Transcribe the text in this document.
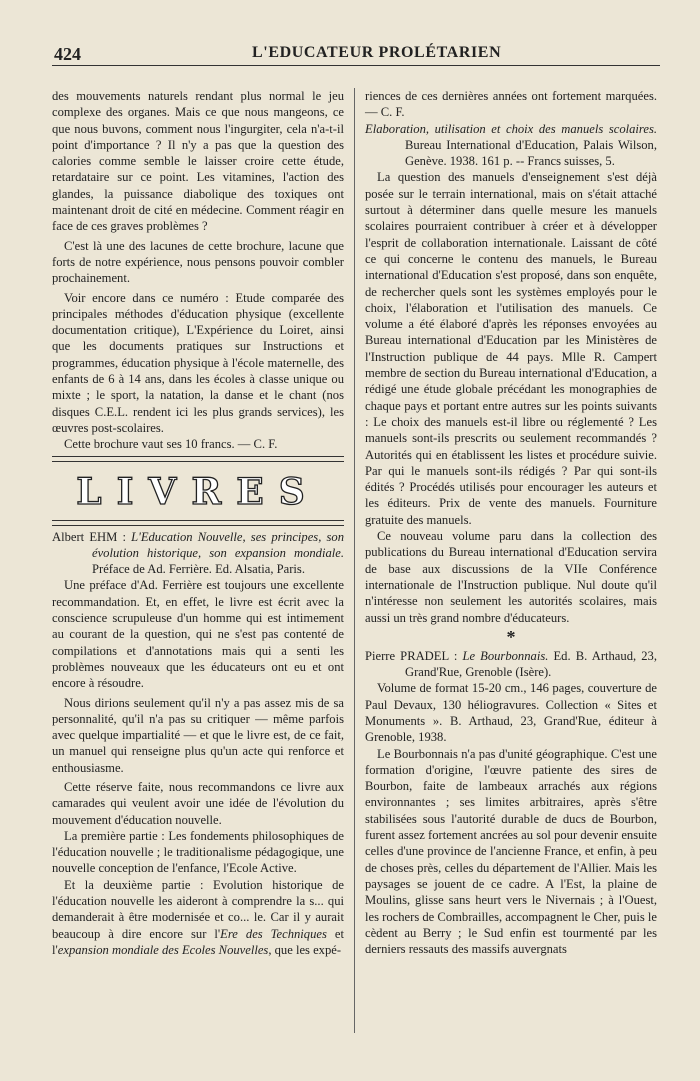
424	L'EDUCATEUR PROLÉTARIEN

des mouvements naturels rendant plus normal le jeu complexe des organes. Mais ce que nous mangeons, ce que nous buvons, comment nous l'ingurgiter, cela n'a-t-il point d'importance ? Il n'y a pas que la question des calories comme semble le laisser croire cette étude, retardataire sur ce point. Les vitamines, l'action des glandes, la puissance diabolique des toxiques ont maintenant droit de cité en médecine. Comment réagir en face de ces graves problèmes ?

C'est là une des lacunes de cette brochure, lacune que forts de notre expérience, nous pensons pouvoir combler prochainement.

Voir encore dans ce numéro : Etude comparée des principales méthodes d'éducation physique (excellente documentation critique), L'Expérience du Loiret, ainsi que les documents pratiques sur Instructions et programmes, éducation physique à l'école maternelle, des enfants de 6 à 14 ans, dans les écoles à classe unique ou mixte ; le sport, la natation, la danse et le chant (nos disques C.E.L. rendent ici les plus grands services), les œuvres post-scolaires.

Cette brochure vaut ses 10 francs. — C. F.

LIVRES

Albert EHM : L'Education Nouvelle, ses principes, son évolution historique, son expansion mondiale. Préface de Ad. Ferrière. Ed. Alsatia, Paris.

Une préface d'Ad. Ferrière est toujours une excellente recommandation. Et, en effet, le livre est écrit avec la conscience scrupuleuse d'un homme qui est intimement au courant de la question, qui ne s'est pas contenté de compilations et d'annotations mais qui a senti les problèmes nouveaux que les éducateurs ont eu et ont encore à résoudre.

Nous dirions seulement qu'il n'y a pas assez mis de sa personnalité, qu'il n'a pas su critiquer — même parfois avec quelque impartialité — et que le livre est, de ce fait, un manuel qui renseigne plus qu'un acte qui renforce et enthousiasme.

Cette réserve faite, nous recommandons ce livre aux camarades qui veulent avoir une idée de l'évolution du mouvement d'éducation nouvelle.

La première partie : Les fondements philosophiques de l'éducation nouvelle ; le traditionalisme pédagogique, une nouvelle conception de l'enfance, l'Ecole Active.

Et la deuxième partie : Evolution historique de l'éducation nouvelle les aideront à comprendre la s... qui demanderait à être modernisée et co... le. Car il y aurait beaucoup à dire encore sur l'Ere des Techniques et l'expansion mondiale des Ecoles Nouvelles, que les expé-

riences de ces dernières années ont fortement marquées. — C. F.

Elaboration, utilisation et choix des manuels scolaires. Bureau International d'Education, Palais Wilson, Genève. 1938. 161 p. -- Francs suisses, 5.

La question des manuels d'enseignement s'est déjà posée sur le terrain international, mais on s'était attaché surtout à déterminer dans quelle mesure les manuels scolaires pourraient contribuer à créer et à développer l'esprit de collaboration internationale. Laissant de côté ce qui concerne le contenu des manuels, le Bureau international d'Education s'est proposé, dans son enquête, de rechercher quels sont les systèmes employés pour le choix, l'élaboration et l'utilisation des manuels. Ce volume a été élaboré d'après les réponses envoyées au Bureau international d'Education par les Ministères de l'Instruction publique de 44 pays. Mlle R. Campert membre de section du Bureau international d'Education, a rédigé une étude globale précédant les monographies de chaque pays et portant entre autres sur les points suivants : Le choix des manuels est-il libre ou réglementé ? Les manuels sont-ils prescrits ou seulement recommandés ? Autorités qui en établissent les listes et procédure suivie. Par qui le manuels sont-ils rédigés ? Par qui sont-ils édités ? Procédés utilisés pour encourager les auteurs et les éditeurs. Prix de vente des manuels. Fourniture gratuite des manuels.

Ce nouveau volume paru dans la collection des publications du Bureau international d'Education servira de base aux discussions de la VIIe Conférence internationale de l'Instruction publique. Nul doute qu'il n'intéresse non seulement les autorités scolaires, mais aussi un très grand nombre d'éducateurs.

*

Pierre PRADEL : Le Bourbonnais. Ed. B. Arthaud, 23, Grand'Rue, Grenoble (Isère).

Volume de format 15-20 cm., 146 pages, couverture de Paul Devaux, 130 héliogravures. Collection « Sites et Monuments ». B. Arthaud, 23, Grand'Rue, éditeur à Grenoble, 1938.

Le Bourbonnais n'a pas d'unité géographique. C'est une formation d'origine, l'œuvre patiente des sires de Bourbon, faite de lambeaux arrachés aux régions environnantes ; ses limites arbitraires, après s'être stabilisées sous l'autorité durable de ducs de Bourbon, furent assez fortement ancrées au sol pour devenir ensuite celles d'une province de l'ancienne France, et enfin, à peu de choses près, celles du département de l'Allier. Mais les paysages se jouent de ce cadre. A l'Est, la plaine de Moulins, glisse sans heurt vers le Nivernais ; à l'Ouest, les rochers de Combrailles, accompagnent le Cher, puis le cèdent au Berry ; le Sud enfin est tourmenté par les derniers ressauts des massifs auvergnats
